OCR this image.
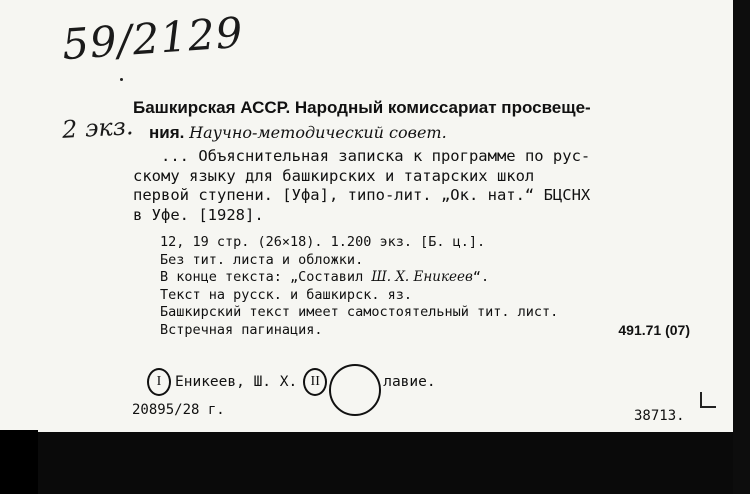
59/2129
2 экз.
Башкирская АССР. Народный комиссариат просвеще-
ния. Научно-методический совет.
... Объяснительная записка к программе по рус-
скому языку для башкирских и татарских школ
первой ступени. [Уфа], типо-лит. „Ок. нат.“ БЦСНХ
в Уфе. [1928].
12, 19 стр. (26×18). 1.200 экз. [Б. ц.].
Без тит. листа и обложки.
В конце текста: „Составил Ш. Х. Еникеев“.
Текст на русск. и башкирск. яз.
Башкирский текст имеет самостоятельный тит. лист.
Встречная пагинация.	491.71 (07)
I Еникеев, Ш. Х. II	лавие.
20895/28 г.	38713.
